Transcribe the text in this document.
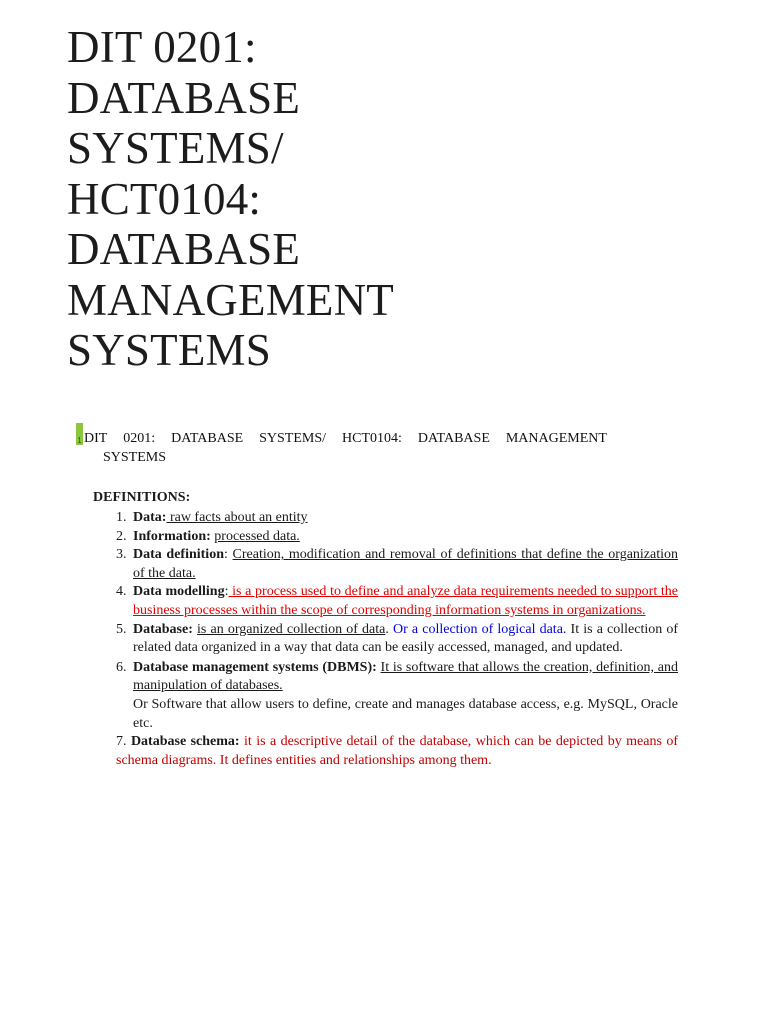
DIT 0201:
DATABASE
SYSTEMS/
HCT0104:
DATABASE
MANAGEMENT
SYSTEMS
1 DIT 0201: DATABASE SYSTEMS/ HCT0104: DATABASE MANAGEMENT
SYSTEMS
DEFINITIONS:
1. Data: raw facts about an entity
2. Information: processed data.
3. Data definition: Creation, modification and removal of definitions that define the organization of the data.
4. Data modelling: is a process used to define and analyze data requirements needed to support the business processes within the scope of corresponding information systems in organizations.
5. Database: is an organized collection of data. Or a collection of logical data. It is a collection of related data organized in a way that data can be easily accessed, managed, and updated.
6. Database management systems (DBMS): It is software that allows the creation, definition, and manipulation of databases.
Or Software that allow users to define, create and manages database access, e.g. MySQL, Oracle etc.
7. Database schema: it is a descriptive detail of the database, which can be depicted by means of schema diagrams. It defines entities and relationships among them.
